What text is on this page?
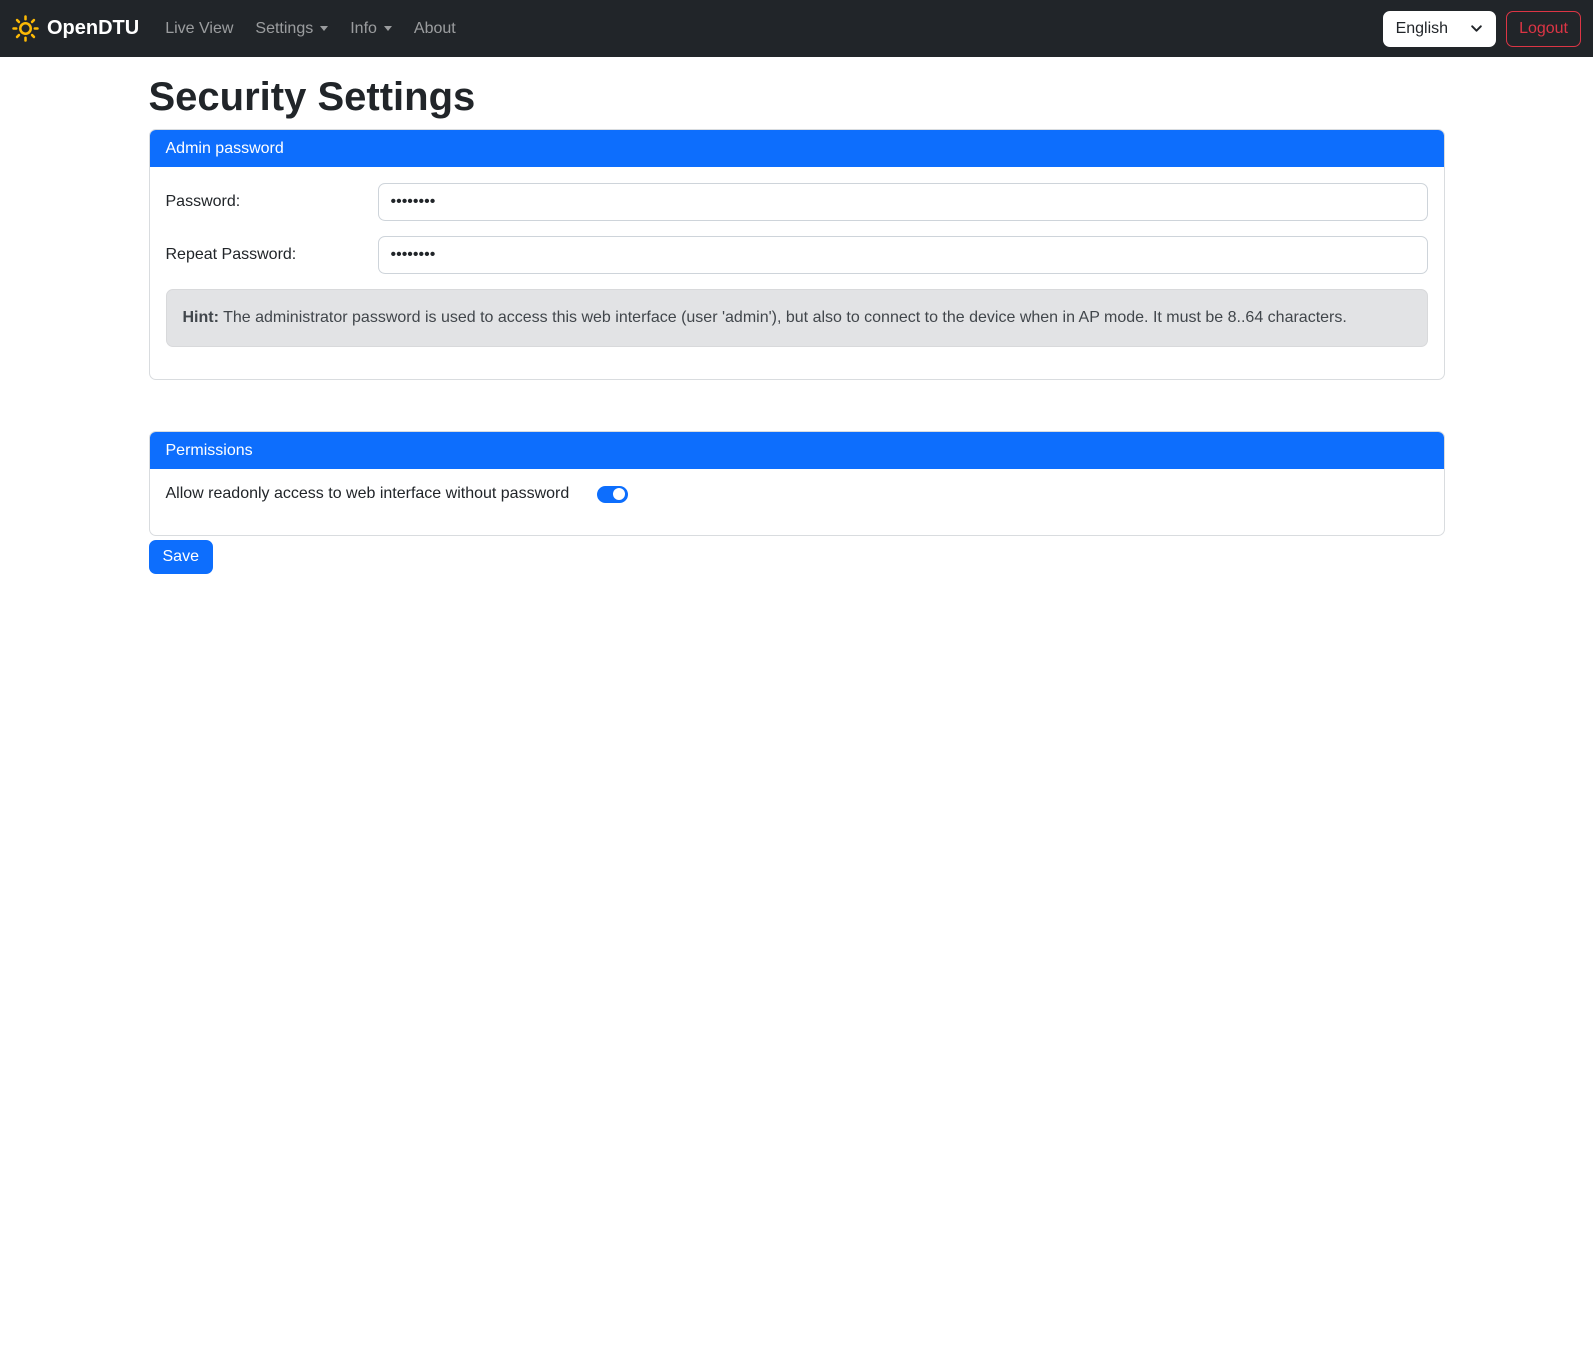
OpenDTU Live View Settings Info About	English	Logout
Security Settings
Admin password
Password:
Repeat Password:
Hint: The administrator password is used to access this web interface (user 'admin'), but also to connect to the device when in AP mode. It must be 8..64 characters.
Permissions
Allow readonly access to web interface without password
Save
